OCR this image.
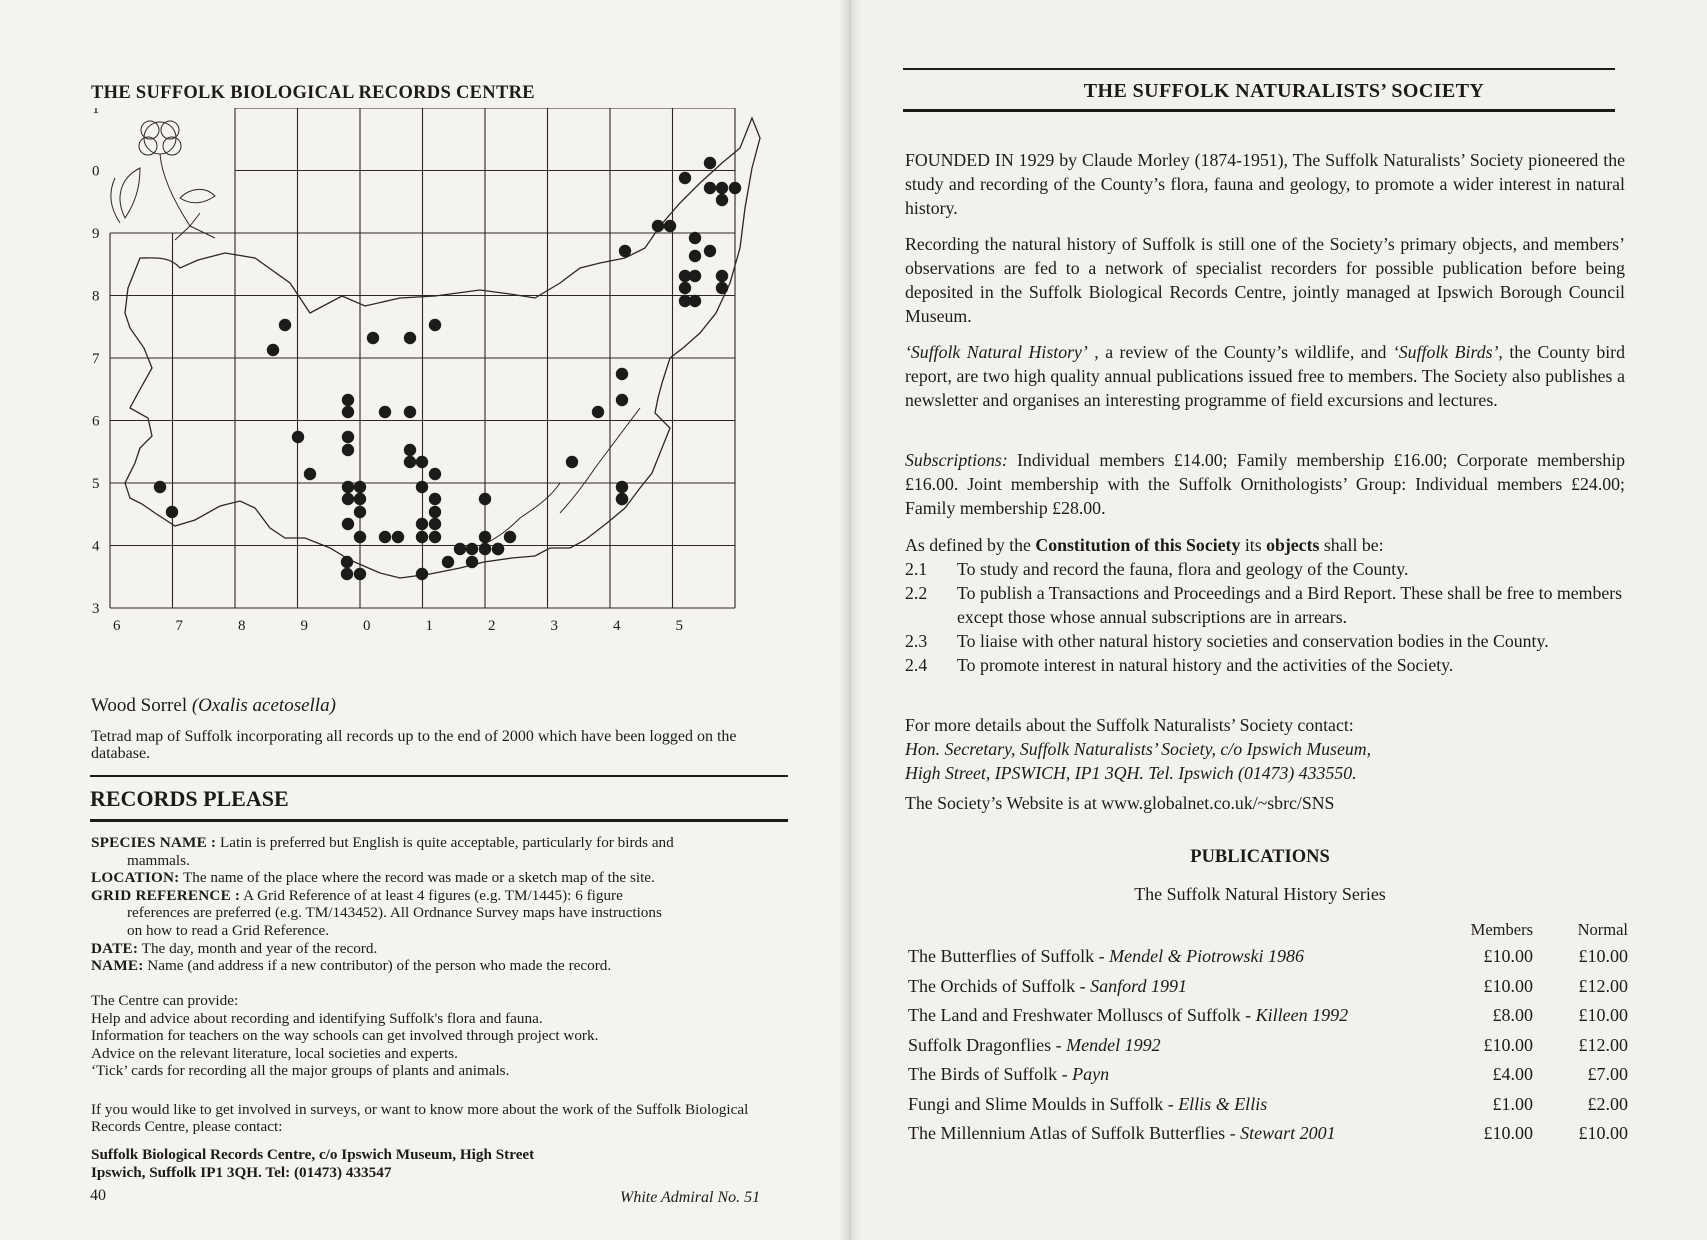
THE SUFFOLK BIOLOGICAL RECORDS CENTRE
1
0
9
8
7
6
5
4
3
6	7	8	9	0	1	2	3	4	5
Wood Sorrel (Oxalis acetosella)
Tetrad map of Suffolk incorporating all records up to the end of 2000 which have been logged on the database.
RECORDS PLEASE

SPECIES NAME : Latin is preferred but English is quite acceptable, particularly for birds and

mammals.

LOCATION: The name of the place where the record was made or a sketch map of the site.

GRID REFERENCE : A Grid Reference of at least 4 figures (e.g. TM/1445): 6 figure

references are preferred (e.g. TM/143452). All Ordnance Survey maps have instructions

on how to read a Grid Reference.

DATE: The day, month and year of the record.

NAME: Name (and address if a new contributor) of the person who made the record.

The Centre can provide:

Help and advice about recording and identifying Suffolk's flora and fauna.

Information for teachers on the way schools can get involved through project work.

Advice on the relevant literature, local societies and experts.

‘Tick’ cards for recording all the major groups of plants and animals.

If you would like to get involved in surveys, or want to know more about the work of the Suffolk Biological Records Centre, please contact:
Suffolk Biological Records Centre, c/o Ipswich Museum, High Street
Ipswich, Suffolk IP1 3QH. Tel: (01473) 433547
40	White Admiral No. 51
THE SUFFOLK NATURALISTS’ SOCIETY
FOUNDED IN 1929 by Claude Morley (1874-1951), The Suffolk Naturalists’ Society pioneered the study and recording of the County’s flora, fauna and geology, to promote a wider interest in natural history.
Recording the natural history of Suffolk is still one of the Society’s primary objects, and members’ observations are fed to a network of specialist recorders for possible publication before being deposited in the Suffolk Biological Records Centre, jointly managed at Ipswich Borough Council Museum.
‘Suffolk Natural History’ , a review of the County’s wildlife, and ‘Suffolk Birds’, the County bird report, are two high quality annual publications issued free to members. The Society also publishes a newsletter and organises an interesting programme of field excursions and lectures.
Subscriptions: Individual members £14.00; Family membership £16.00; Corporate membership £16.00. Joint membership with the Suffolk Ornithologists’ Group: Individual members £24.00; Family membership £28.00.
As defined by the Constitution of this Society its objects shall be:
2.1	To study and record the fauna, flora and geology of the County.
2.2	To publish a Transactions and Proceedings and a Bird Report. These shall be free to members except those whose annual subscriptions are in arrears.
2.3	To liaise with other natural history societies and conservation bodies in the County.
2.4	To promote interest in natural history and the activities of the Society.

For more details about the Suffolk Naturalists’ Society contact:

Hon. Secretary, Suffolk Naturalists’ Society, c/o Ipswich Museum,

High Street, IPSWICH, IP1 3QH. Tel. Ipswich (01473) 433550.

The Society’s Website is at www.globalnet.co.uk/~sbrc/SNS

PUBLICATIONS
The Suffolk Natural History Series
Members	Normal
The Butterflies of Suffolk - Mendel & Piotrowski 1986	£10.00	£10.00
The Orchids of Suffolk - Sanford 1991	£10.00	£12.00
The Land and Freshwater Molluscs of Suffolk - Killeen 1992	£8.00	£10.00
Suffolk Dragonflies - Mendel 1992	£10.00	£12.00
The Birds of Suffolk - Payn	£4.00	£7.00
Fungi and Slime Moulds in Suffolk - Ellis & Ellis	£1.00	£2.00
The Millennium Atlas of Suffolk Butterflies - Stewart 2001	£10.00	£10.00
